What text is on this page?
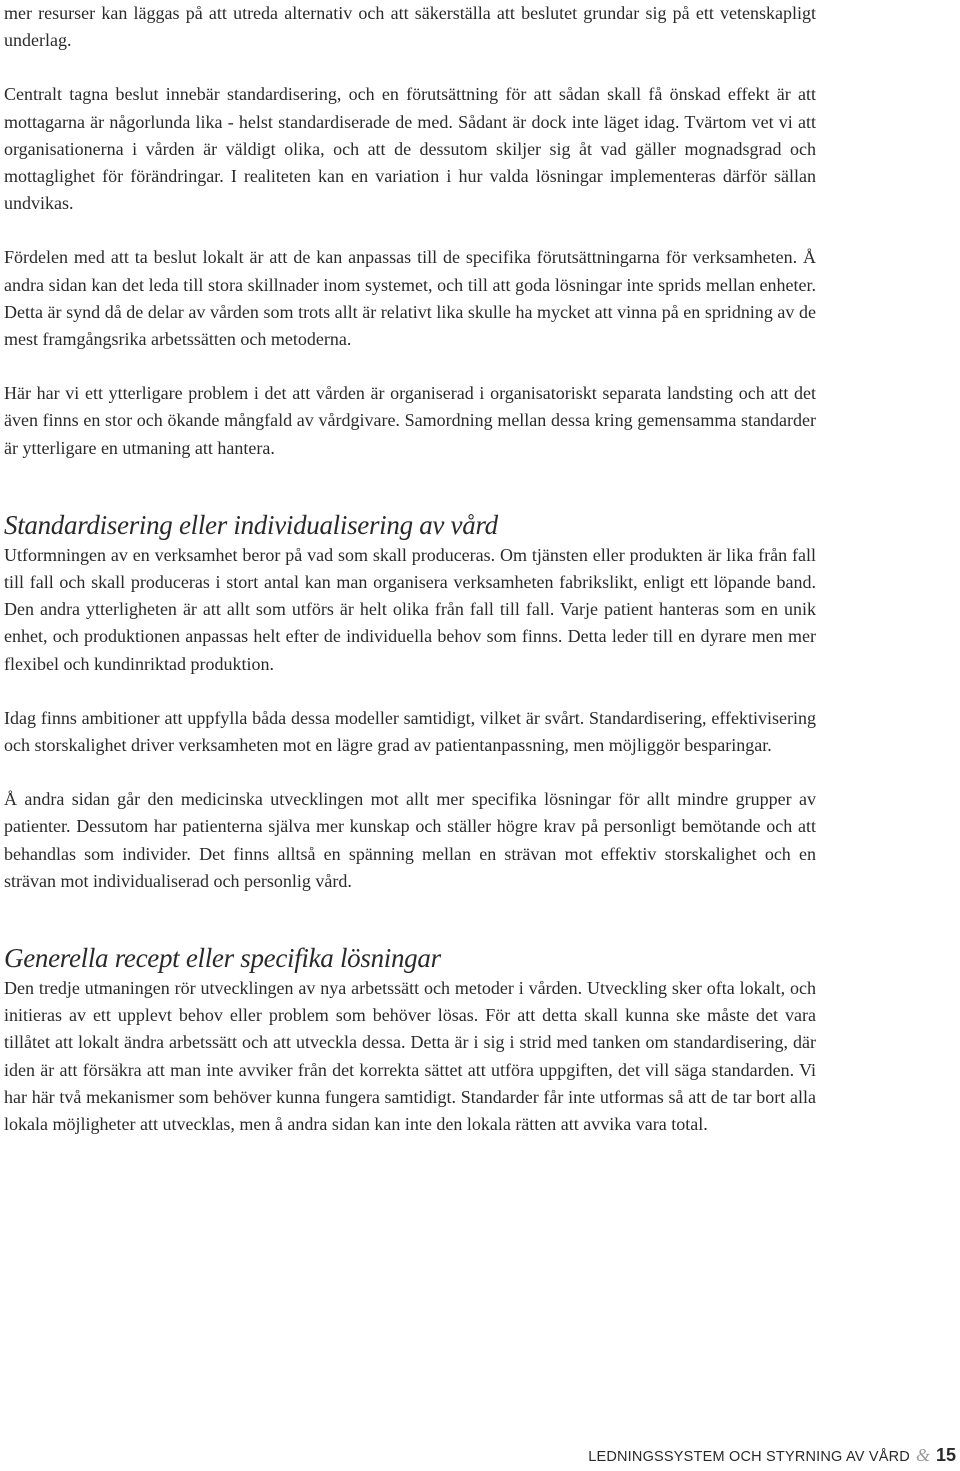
mer resurser kan läggas på att utreda alternativ och att säkerställa att beslutet grundar sig på ett vetenskapligt underlag.

Centralt tagna beslut innebär standardisering, och en förutsättning för att sådan skall få önskad effekt är att mottagarna är någorlunda lika - helst standardiserade de med. Sådant är dock inte läget idag. Tvärtom vet vi att organisationerna i vården är väldigt olika, och att de dessutom skiljer sig åt vad gäller mognadsgrad och mottaglighet för förändringar. I realiteten kan en variation i hur valda lösningar implementeras därför sällan undvikas.

Fördelen med att ta beslut lokalt är att de kan anpassas till de specifika förutsättningarna för verksamheten. Å andra sidan kan det leda till stora skillnader inom systemet, och till att goda lösningar inte sprids mellan enheter. Detta är synd då de delar av vården som trots allt är relativt lika skulle ha mycket att vinna på en spridning av de mest framgångsrika arbetssätten och metoderna.

Här har vi ett ytterligare problem i det att vården är organiserad i organisatoriskt separata landsting och att det även finns en stor och ökande mångfald av vårdgivare. Samordning mellan dessa kring gemensamma standarder är ytterligare en utmaning att hantera.

Standardisering eller individualisering av vård

Utformningen av en verksamhet beror på vad som skall produceras. Om tjänsten eller produkten är lika från fall till fall och skall produceras i stort antal kan man organisera verksamheten fabrikslikt, enligt ett löpande band. Den andra ytterligheten är att allt som utförs är helt olika från fall till fall. Varje patient hanteras som en unik enhet, och produktionen anpassas helt efter de individuella behov som finns. Detta leder till en dyrare men mer flexibel och kundinriktad produktion.

Idag finns ambitioner att uppfylla båda dessa modeller samtidigt, vilket är svårt. Standardisering, effektivisering och storskalighet driver verksamheten mot en lägre grad av patientanpassning, men möjliggör besparingar.

Å andra sidan går den medicinska utvecklingen mot allt mer specifika lösningar för allt mindre grupper av patienter. Dessutom har patienterna själva mer kunskap och ställer högre krav på personligt bemötande och att behandlas som individer. Det finns alltså en spänning mellan en strävan mot effektiv storskalighet och en strävan mot individualiserad och personlig vård.

Generella recept eller specifika lösningar

Den tredje utmaningen rör utvecklingen av nya arbetssätt och metoder i vården. Utveckling sker ofta lokalt, och initieras av ett upplevt behov eller problem som behöver lösas. För att detta skall kunna ske måste det vara tillåtet att lokalt ändra arbetssätt och att utveckla dessa. Detta är i sig i strid med tanken om standardisering, där iden är att försäkra att man inte avviker från det korrekta sättet att utföra uppgiften, det vill säga standarden. Vi har här två mekanismer som behöver kunna fungera samtidigt. Standarder får inte utformas så att de tar bort alla lokala möjligheter att utvecklas, men å andra sidan kan inte den lokala rätten att avvika vara total.

LEDNINGSSYSTEM OCH STYRNING AV VÅRD & 15
